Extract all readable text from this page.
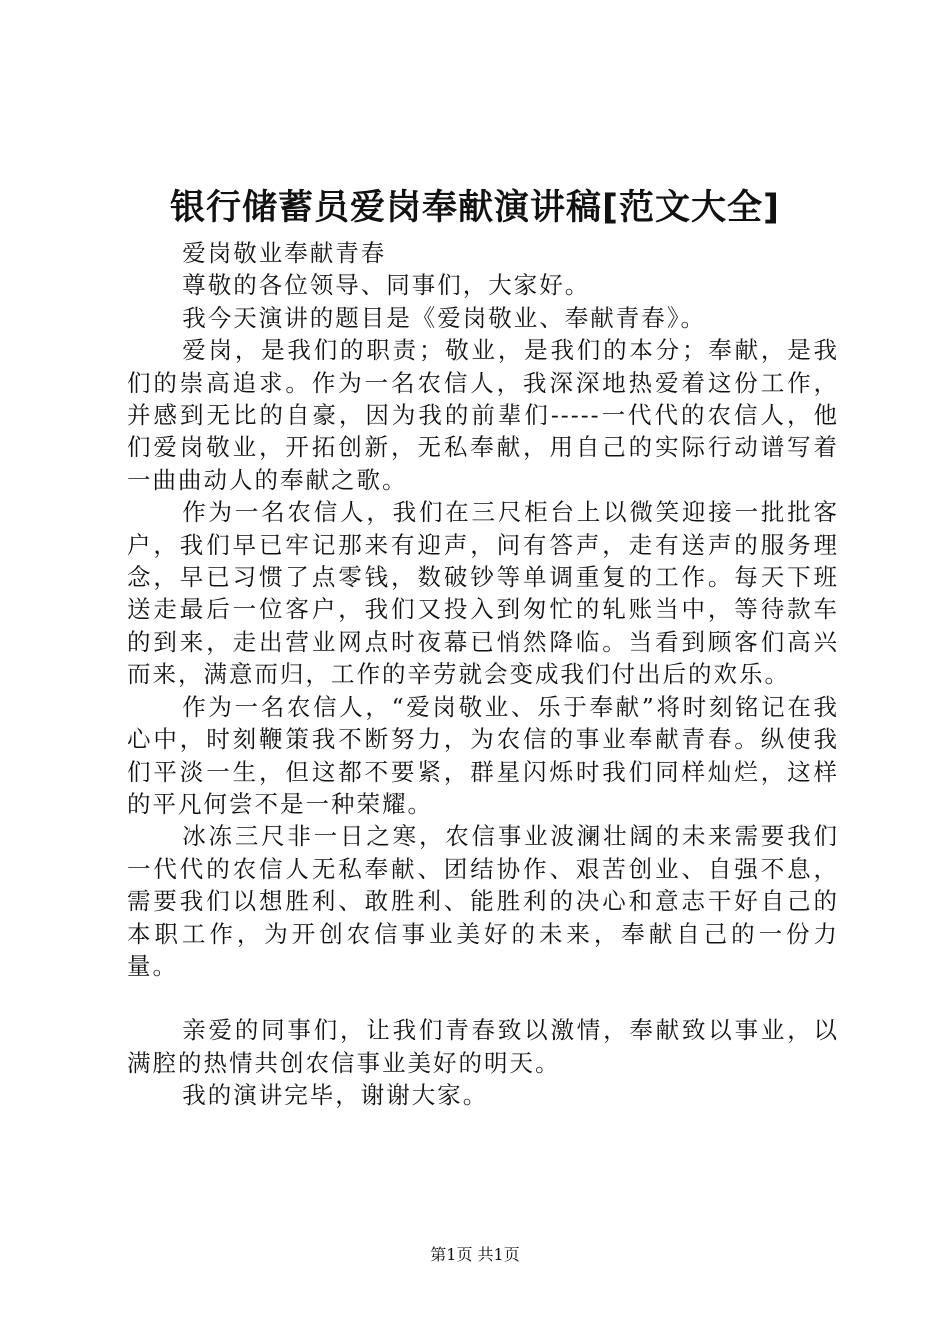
银行储蓄员爱岗奉献演讲稿[范文大全]

爱岗敬业奉献青春

尊敬的各位领导、同事们，大家好。

我今天演讲的题目是《爱岗敬业、奉献青春》。

爱岗，是我们的职责；敬业，是我们的本分；奉献，是我们的崇高追求。作为一名农信人，我深深地热爱着这份工作，并感到无比的自豪，因为我的前辈们-----一代代的农信人，他们爱岗敬业，开拓创新，无私奉献，用自己的实际行动谱写着一曲曲动人的奉献之歌。

作为一名农信人，我们在三尺柜台上以微笑迎接一批批客户，我们早已牢记那来有迎声，问有答声，走有送声的服务理念，早已习惯了点零钱，数破钞等单调重复的工作。每天下班送走最后一位客户，我们又投入到匆忙的轧账当中，等待款车的到来，走出营业网点时夜幕已悄然降临。当看到顾客们高兴而来，满意而归，工作的辛劳就会变成我们付出后的欢乐。

作为一名农信人，“爱岗敬业、乐于奉献”将时刻铭记在我心中，时刻鞭策我不断努力，为农信的事业奉献青春。纵使我们平淡一生，但这都不要紧，群星闪烁时我们同样灿烂，这样的平凡何尝不是一种荣耀。

冰冻三尺非一日之寒，农信事业波澜壮阔的未来需要我们一代代的农信人无私奉献、团结协作、艰苦创业、自强不息，需要我们以想胜利、敢胜利、能胜利的决心和意志干好自己的本职工作，为开创农信事业美好的未来，奉献自己的一份力量。

亲爱的同事们，让我们青春致以激情，奉献致以事业，以满腔的热情共创农信事业美好的明天。

我的演讲完毕，谢谢大家。

第1页 共1页
